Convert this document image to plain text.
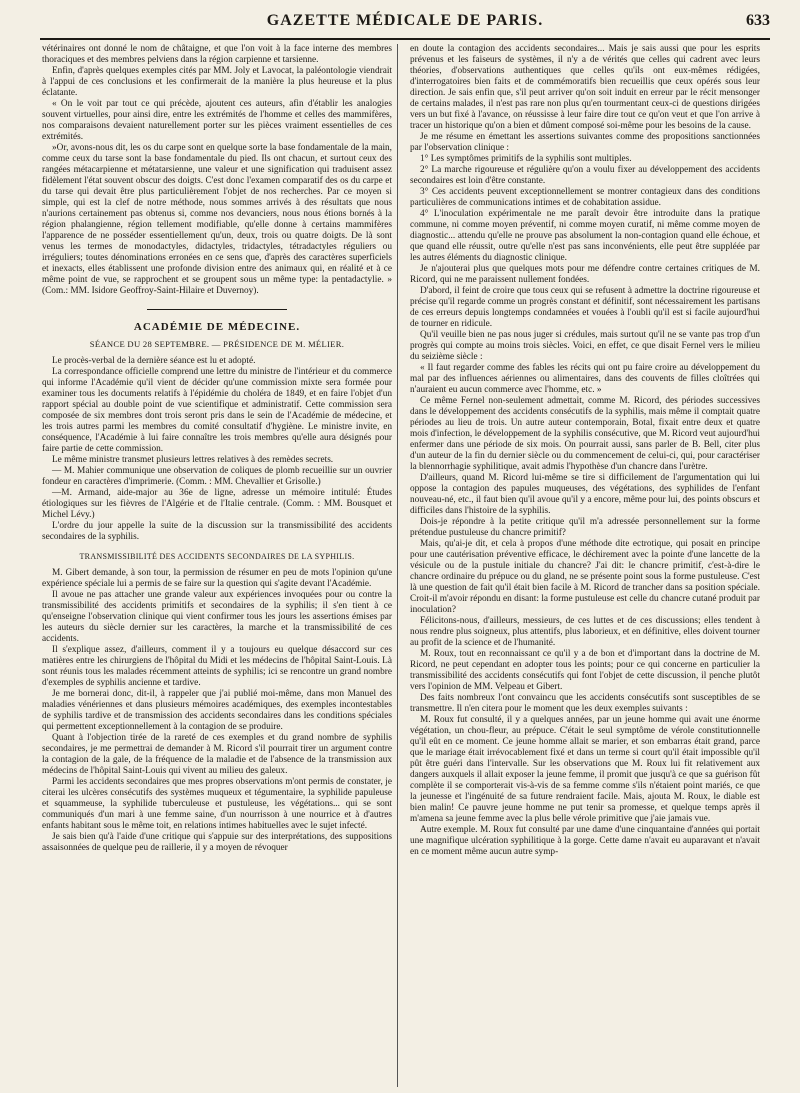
GAZETTE MÉDICALE DE PARIS.	633

vétérinaires ont donné le nom de châtaigne, et que l'on voit à la face interne des membres thoraciques et des membres pelviens dans la région carpienne et tarsienne.

Enfin, d'après quelques exemples cités par MM. Joly et Lavocat, la paléontologie viendrait à l'appui de ces conclusions et les confirmerait de la manière la plus heureuse et la plus éclatante.

« On le voit par tout ce qui précède, ajoutent ces auteurs, afin d'établir les analogies souvent virtuelles, pour ainsi dire, entre les extrémités de l'homme et celles des mammifères, nos comparaisons devaient naturellement porter sur les pièces vraiment essentielles de ces extrémités.

»Or, avons-nous dit, les os du carpe sont en quelque sorte la base fondamentale de la main, comme ceux du tarse sont la base fondamentale du pied. Ils ont chacun, et surtout ceux des rangées métacarpienne et métatarsienne, une valeur et une signification qui traduisent assez fidèlement l'état souvent obscur des doigts. C'est donc l'examen comparatif des os du carpe et du tarse qui devait être plus particulièrement l'objet de nos recherches. Par ce moyen si simple, qui est la clef de notre méthode, nous sommes arrivés à des résultats que nous n'aurions certainement pas obtenus si, comme nos devanciers, nous nous étions bornés à la région phalangienne, région tellement modifiable, qu'elle donne à certains mammifères l'apparence de ne posséder essentiellement qu'un, deux, trois ou quatre doigts. De là sont venus les termes de monodactyles, didactyles, tridactyles, tétradactyles réguliers ou irréguliers; toutes dénominations erronées en ce sens que, d'après des caractères superficiels et inexacts, elles établissent une profonde division entre des animaux qui, en réalité et à ce même point de vue, se rapprochent et se groupent sous un même type: la pentadactylie. » (Com.: MM. Isidore Geoffroy-Saint-Hilaire et Duvernoy).

ACADÉMIE DE MÉDECINE.
SÉANCE DU 28 SEPTEMBRE. — PRÉSIDENCE DE M. MÉLIER.

Le procès-verbal de la dernière séance est lu et adopté.

La correspondance officielle comprend une lettre du ministre de l'intérieur et du commerce qui informe l'Académie qu'il vient de décider qu'une commission mixte sera formée pour examiner tous les documents relatifs à l'épidémie du choléra de 1849, et en faire l'objet d'un rapport spécial au double point de vue scientifique et administratif. Cette commission sera composée de six membres dont trois seront pris dans le sein de l'Académie de médecine, et les trois autres parmi les membres du comité consultatif d'hygiène. Le ministre invite, en conséquence, l'Académie à lui faire connaître les trois membres qu'elle aura désignés pour faire partie de cette commission.

Le même ministre transmet plusieurs lettres relatives à des remèdes secrets.

— M. Mahier communique une observation de coliques de plomb recueillie sur un ouvrier fondeur en caractères d'imprimerie. (Comm. : MM. Chevallier et Grisolle.)

—M. Armand, aide-major au 36e de ligne, adresse un mémoire intitulé: Études étiologiques sur les fièvres de l'Algérie et de l'Italie centrale. (Comm. : MM. Bousquet et Michel Lévy.)

L'ordre du jour appelle la suite de la discussion sur la transmissibilité des accidents secondaires de la syphilis.

TRANSMISSIBILITÉ DES ACCIDENTS SECONDAIRES DE LA SYPHILIS.

M. Gibert demande, à son tour, la permission de résumer en peu de mots l'opinion qu'une expérience spéciale lui a permis de se faire sur la question qui s'agite devant l'Académie.

Il avoue ne pas attacher une grande valeur aux expériences invoquées pour ou contre la transmissibilité des accidents primitifs et secondaires de la syphilis; il s'en tient à ce qu'enseigne l'observation clinique qui vient confirmer tous les jours les assertions émises par les auteurs du siècle dernier sur les caractères, la marche et la transmissibilité de ces accidents.

Il s'explique assez, d'ailleurs, comment il y a toujours eu quelque désaccord sur ces matières entre les chirurgiens de l'hôpital du Midi et les médecins de l'hôpital Saint-Louis. Là sont réunis tous les malades récemment atteints de syphilis; ici se rencontre un grand nombre d'exemples de syphilis ancienne et tardive.

Je me bornerai donc, dit-il, à rappeler que j'ai publié moi-même, dans mon Manuel des maladies vénériennes et dans plusieurs mémoires académiques, des exemples incontestables de syphilis tardive et de transmission des accidents secondaires dans les conditions spéciales qui permettent exceptionnellement à la contagion de se produire.

Quant à l'objection tirée de la rareté de ces exemples et du grand nombre de syphilis secondaires, je me permettrai de demander à M. Ricord s'il pourrait tirer un argument contre la contagion de la gale, de la fréquence de la maladie et de l'absence de la transmission aux médecins de l'hôpital Saint-Louis qui vivent au milieu des galeux.

Parmi les accidents secondaires que mes propres observations m'ont permis de constater, je citerai les ulcères consécutifs des systèmes muqueux et tégumentaire, la syphilide papuleuse et squammeuse, la syphilide tuberculeuse et pustuleuse, les végétations... qui se sont communiqués d'un mari à une femme saine, d'un nourrisson à une nourrice et à d'autres enfants habitant sous le même toit, en relations intimes habituelles avec le sujet infecté.

Je sais bien qu'à l'aide d'une critique qui s'appuie sur des interprétations, des suppositions assaisonnées de quelque peu de raillerie, il y a moyen de révoquer

en doute la contagion des accidents secondaires... Mais je sais aussi que pour les esprits prévenus et les faiseurs de systèmes, il n'y a de vérités que celles qui cadrent avec leurs théories, d'observations authentiques que celles qu'ils ont eux-mêmes rédigées, d'interrogatoires bien faits et de commémoratifs bien recueillis que ceux opérés sous leur direction. Je sais enfin que, s'il peut arriver qu'on soit induit en erreur par le récit mensonger de certains malades, il n'est pas rare non plus qu'en tourmentant ceux-ci de questions dirigées vers un but fixé à l'avance, on réussisse à leur faire dire tout ce qu'on veut et que l'on arrive à tracer un historique qu'on a bien et dûment composé soi-même pour les besoins de la cause.

Je me résume en émettant les assertions suivantes comme des propositions sanctionnées par l'observation clinique :

1° Les symptômes primitifs de la syphilis sont multiples.

2° La marche rigoureuse et régulière qu'on a voulu fixer au développement des accidents secondaires est loin d'être constante.

3° Ces accidents peuvent exceptionnellement se montrer contagieux dans des conditions particulières de communications intimes et de cohabitation assidue.

4° L'inoculation expérimentale ne me paraît devoir être introduite dans la pratique commune, ni comme moyen préventif, ni comme moyen curatif, ni même comme moyen de diagnostic... attendu qu'elle ne prouve pas absolument la non-contagion quand elle échoue, et que quand elle réussit, outre qu'elle n'est pas sans inconvénients, elle peut être suppléée par les autres éléments du diagnostic clinique.

Je n'ajouterai plus que quelques mots pour me défendre contre certaines critiques de M. Ricord, qui ne me paraissent nullement fondées.

D'abord, il feint de croire que tous ceux qui se refusent à admettre la doctrine rigoureuse et précise qu'il regarde comme un progrès constant et définitif, sont nécessairement les partisans de ces erreurs depuis longtemps condamnées et vouées à l'oubli qu'il est si facile aujourd'hui de tourner en ridicule.

Qu'il veuille bien ne pas nous juger si crédules, mais surtout qu'il ne se vante pas trop d'un progrès qui compte au moins trois siècles. Voici, en effet, ce que disait Fernel vers le milieu du seizième siècle :

« Il faut regarder comme des fables les récits qui ont pu faire croire au développement du mal par des influences aériennes ou alimentaires, dans des couvents de filles cloîtrées qui n'auraient eu aucun commerce avec l'homme, etc. »

Ce même Fernel non-seulement admettait, comme M. Ricord, des périodes successives dans le développement des accidents consécutifs de la syphilis, mais même il comptait quatre périodes au lieu de trois. Un autre auteur contemporain, Botal, fixait entre deux et quatre mois d'infection, le développement de la syphilis consécutive, que M. Ricord veut aujourd'hui enfermer dans une période de six mois. On pourrait aussi, sans parler de B. Bell, citer plus d'un auteur de la fin du dernier siècle ou du commencement de celui-ci, qui, pour caractériser la blennorrhagie syphilitique, avait admis l'hypothèse d'un chancre dans l'urètre.

D'ailleurs, quand M. Ricord lui-même se tire si difficilement de l'argumentation qui lui oppose la contagion des papules muqueuses, des végétations, des syphilides de l'enfant nouveau-né, etc., il faut bien qu'il avoue qu'il y a encore, même pour lui, des points obscurs et difficiles dans l'histoire de la syphilis.

Dois-je répondre à la petite critique qu'il m'a adressée personnellement sur la forme prétendue pustuleuse du chancre primitif?

Mais, qu'ai-je dit, et cela à propos d'une méthode dite ectrotique, qui posait en principe pour une cautérisation préventive efficace, le déchirement avec la pointe d'une lancette de la vésicule ou de la pustule initiale du chancre? J'ai dit: le chancre primitif, c'est-à-dire le chancre ordinaire du prépuce ou du gland, ne se présente point sous la forme pustuleuse. C'est là une question de fait qu'il était bien facile à M. Ricord de trancher dans sa position spéciale. Croit-il m'avoir répondu en disant: la forme pustuleuse est celle du chancre cutané produit par inoculation?

Félicitons-nous, d'ailleurs, messieurs, de ces luttes et de ces discussions; elles tendent à nous rendre plus soigneux, plus attentifs, plus laborieux, et en définitive, elles doivent tourner au profit de la science et de l'humanité.

M. Roux, tout en reconnaissant ce qu'il y a de bon et d'important dans la doctrine de M. Ricord, ne peut cependant en adopter tous les points; pour ce qui concerne en particulier la transmissibilité des accidents consécutifs qui font l'objet de cette discussion, il penche plutôt vers l'opinion de MM. Velpeau et Gibert.

Des faits nombreux l'ont convaincu que les accidents consécutifs sont susceptibles de se transmettre. Il n'en citera pour le moment que les deux exemples suivants :

M. Roux fut consulté, il y a quelques années, par un jeune homme qui avait une énorme végétation, un chou-fleur, au prépuce. C'était le seul symptôme de vérole constitutionnelle qu'il eût en ce moment. Ce jeune homme allait se marier, et son embarras était grand, parce que le mariage était irrévocablement fixé et dans un terme si court qu'il était impossible qu'il pût être guéri dans l'intervalle. Sur les observations que M. Roux lui fit relativement aux dangers auxquels il allait exposer la jeune femme, il promit que jusqu'à ce que sa guérison fût complète il se comporterait vis-à-vis de sa femme comme s'ils n'étaient point mariés, ce que la jeunesse et l'ingénuité de sa future rendraient facile. Mais, ajouta M. Roux, le diable est bien malin! Ce pauvre jeune homme ne put tenir sa promesse, et quelque temps après il m'amena sa jeune femme avec la plus belle vérole primitive que j'aie jamais vue.

Autre exemple. M. Roux fut consulté par une dame d'une cinquantaine d'années qui portait une magnifique ulcération syphilitique à la gorge. Cette dame n'avait eu auparavant et n'avait en ce moment même aucun autre symp-
